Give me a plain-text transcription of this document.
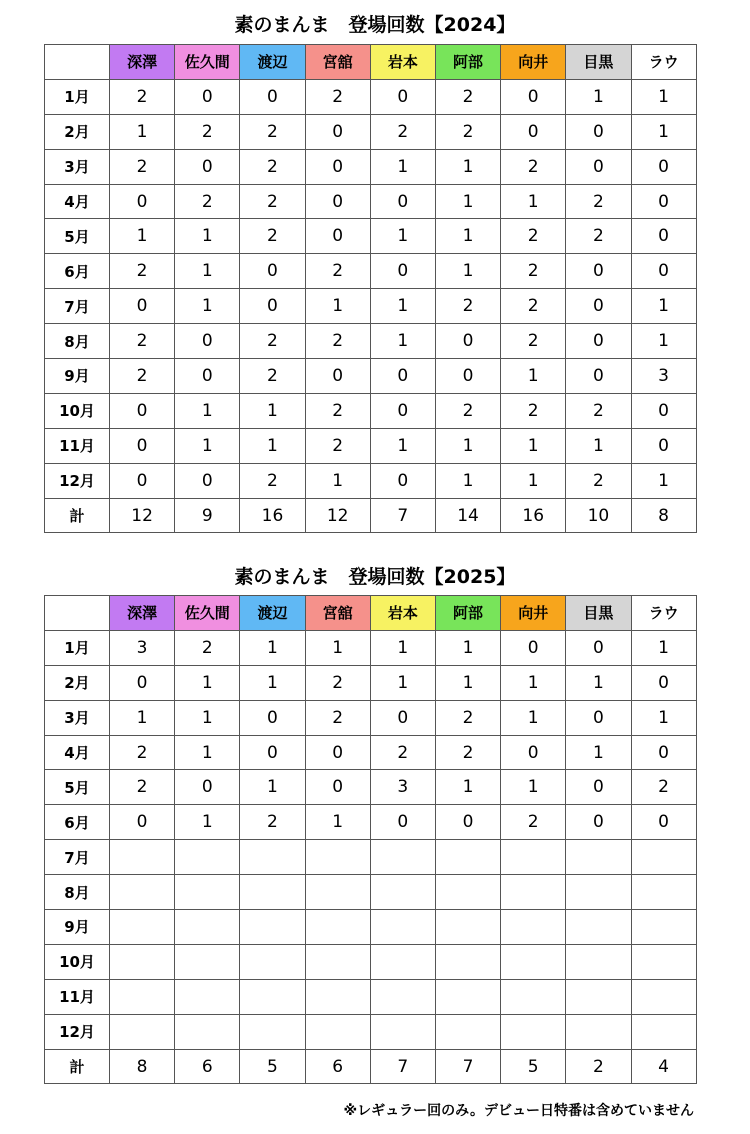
素のまんま　登場回数【2024】
	深澤	佐久間	渡辺	宮舘	岩本	阿部	向井	目黒	ラウ
1月	2	0	0	2	0	2	0	1	1
2月	1	2	2	0	2	2	0	0	1
3月	2	0	2	0	1	1	2	0	0
4月	0	2	2	0	0	1	1	2	0
5月	1	1	2	0	1	1	2	2	0
6月	2	1	0	2	0	1	2	0	0
7月	0	1	0	1	1	2	2	0	1
8月	2	0	2	2	1	0	2	0	1
9月	2	0	2	0	0	0	1	0	3
10月	0	1	1	2	0	2	2	2	0
11月	0	1	1	2	1	1	1	1	0
12月	0	0	2	1	0	1	1	2	1
計	12	9	16	12	7	14	16	10	8
素のまんま　登場回数【2025】
	深澤	佐久間	渡辺	宮舘	岩本	阿部	向井	目黒	ラウ
1月	3	2	1	1	1	1	0	0	1
2月	0	1	1	2	1	1	1	1	0
3月	1	1	0	2	0	2	1	0	1
4月	2	1	0	0	2	2	0	1	0
5月	2	0	1	0	3	1	1	0	2
6月	0	1	2	1	0	0	2	0	0
7月									
8月									
9月									
10月									
11月									
12月									
計	8	6	5	6	7	7	5	2	4
※レギュラー回のみ。デビュー日特番は含めていません
